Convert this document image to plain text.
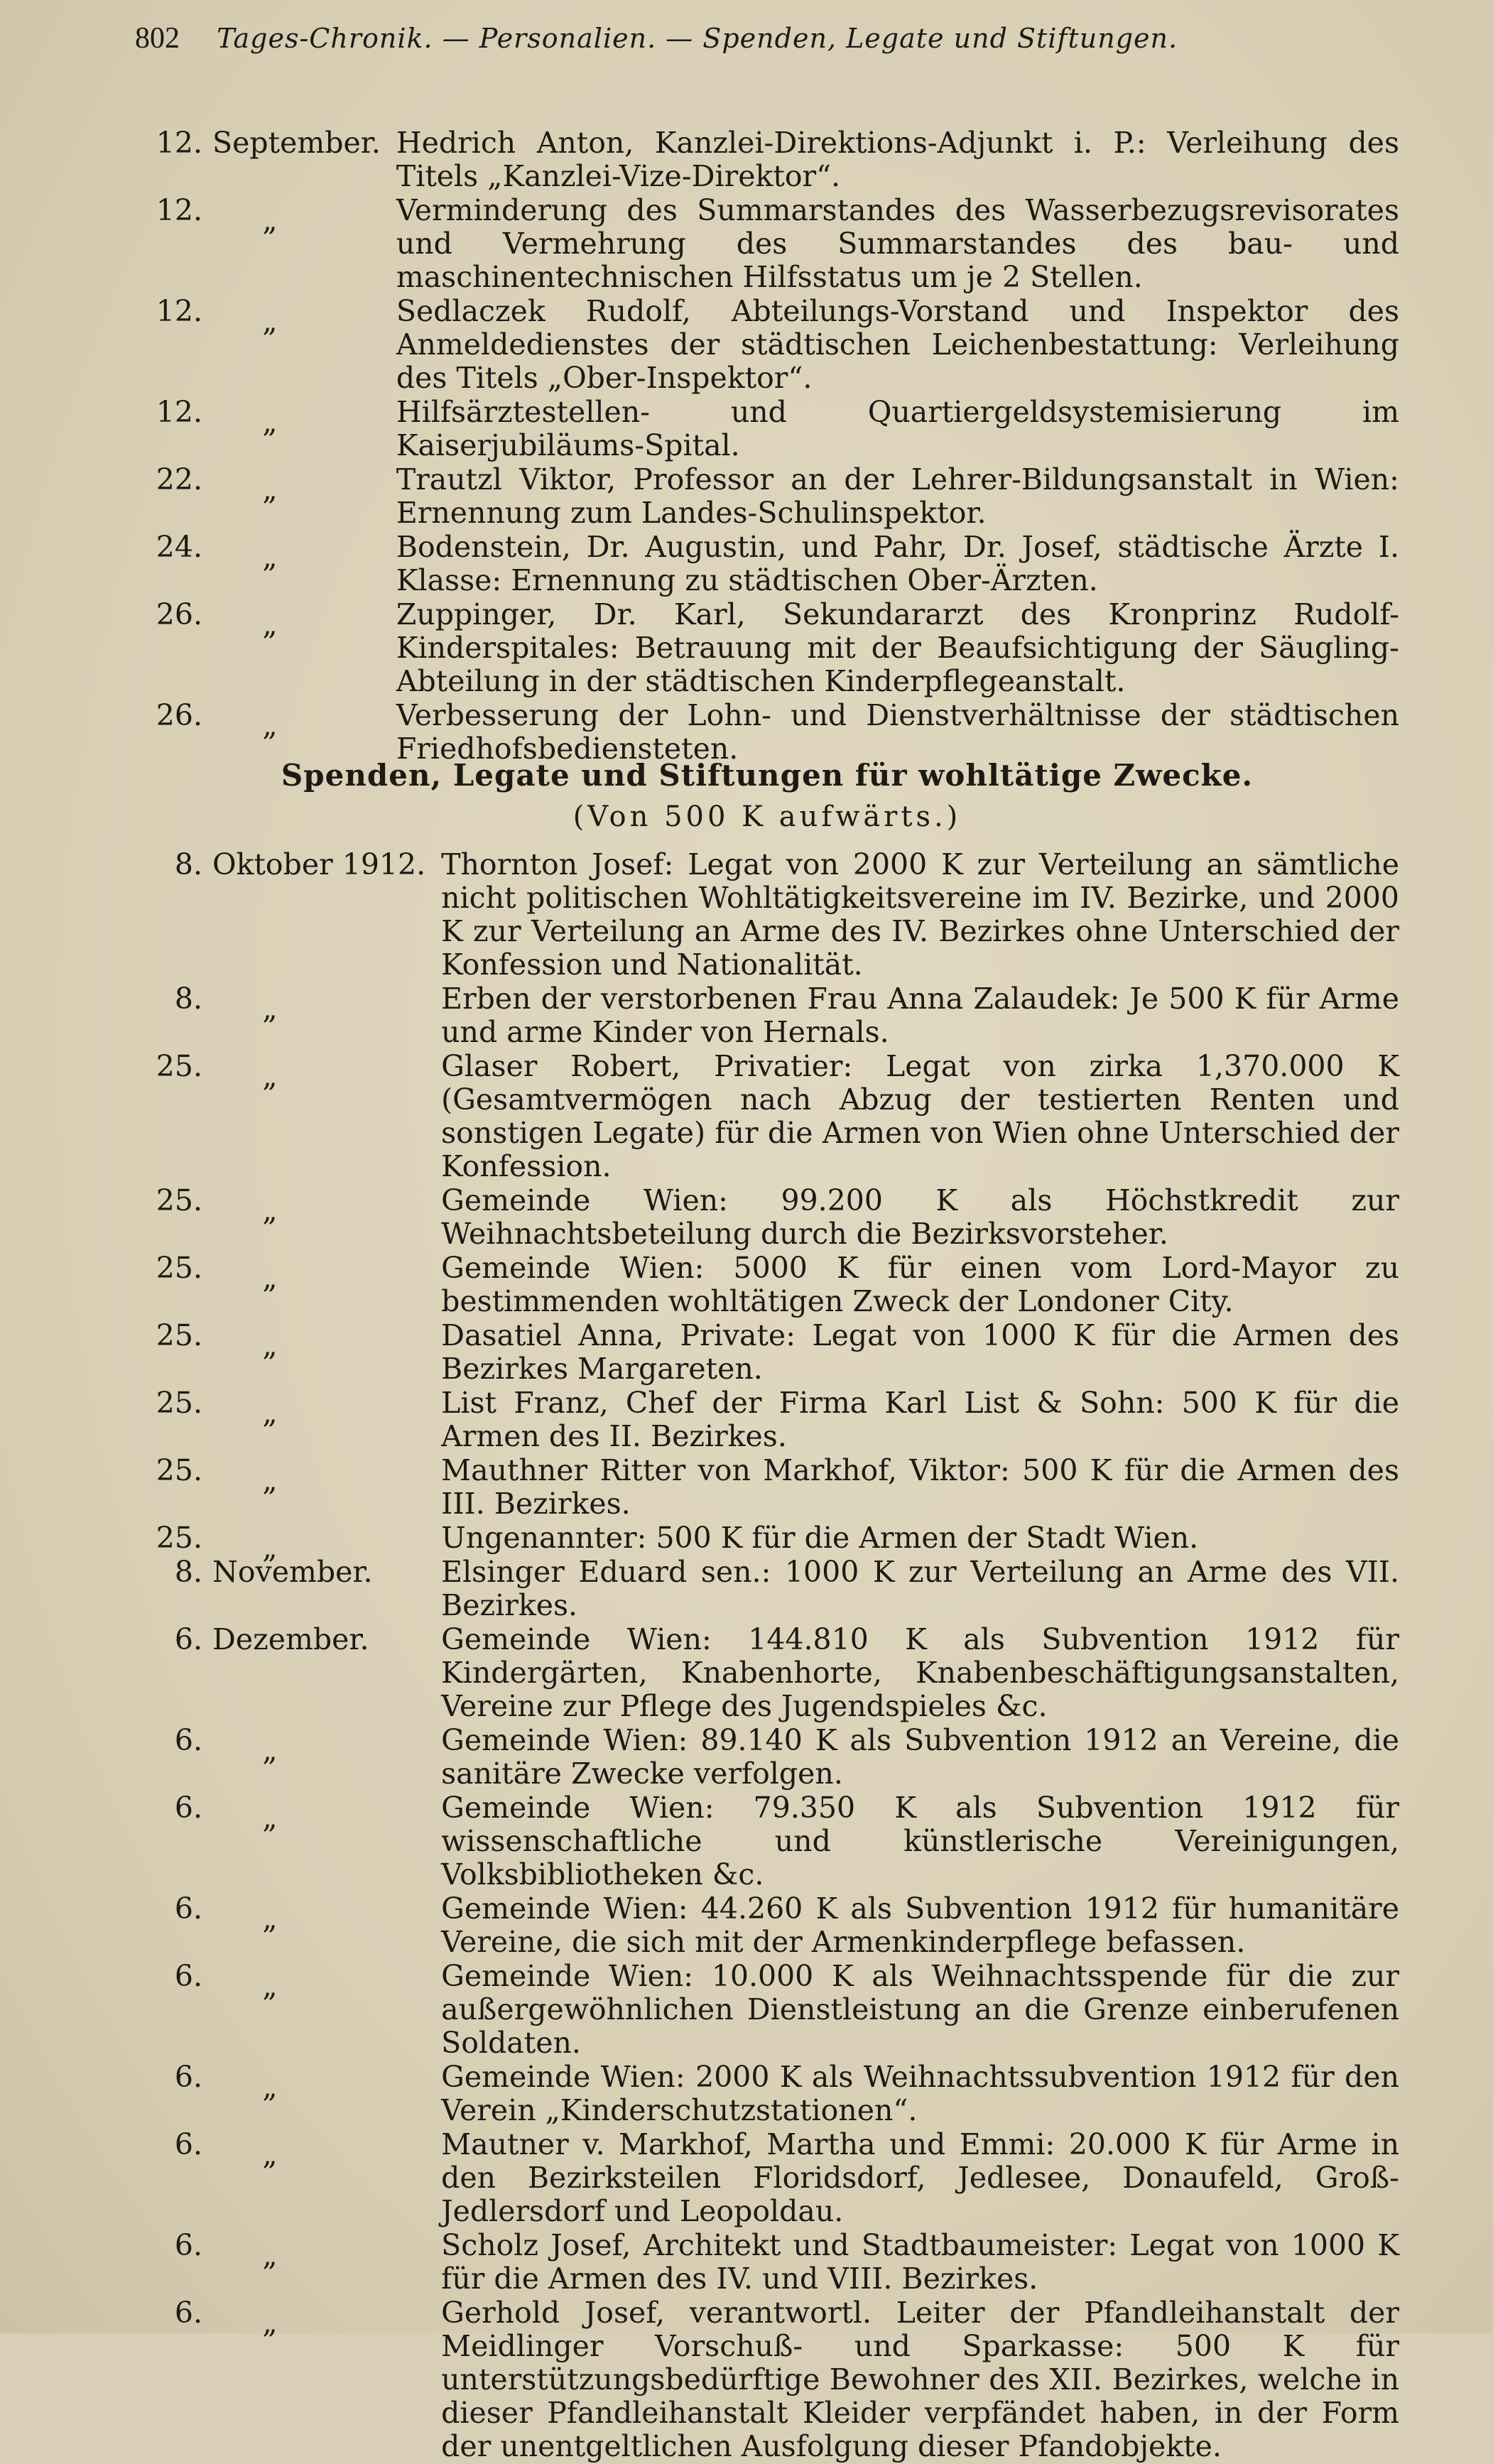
802 Tages-Chronik. — Personalien. — Spenden, Legate und Stiftungen.
12. September. Hedrich Anton, Kanzlei-Direktions-Adjunkt i. P.: Verleihung des Titels „Kanzlei-Vize-Direktor“.
12. „	Verminderung des Summarstandes des Wasserbezugsrevisorates und Vermehrung des Summarstandes des bau- und maschinentechnischen Hilfsstatus um je 2 Stellen.
12. „	Sedlaczek Rudolf, Abteilungs-Vorstand und Inspektor des Anmeldedienstes der städtischen Leichenbestattung: Verleihung des Titels „Ober-Inspektor“.
12. „	Hilfsärztestellen- und Quartiergeldsystemisierung im Kaiserjubiläums-Spital.
22. „	Trautzl Viktor, Professor an der Lehrer-Bildungsanstalt in Wien: Ernennung zum Landes-Schulinspektor.
24. „	Bodenstein, Dr. Augustin, und Pahr, Dr. Josef, städtische Ärzte I. Klasse: Ernennung zu städtischen Ober-Ärzten.
26. „	Zuppinger, Dr. Karl, Sekundararzt des Kronprinz Rudolf-Kinderspitales: Betrauung mit der Beaufsichtigung der Säugling-Abteilung in der städtischen Kinderpflegeanstalt.
26. „	Verbesserung der Lohn- und Dienstverhältnisse der städtischen Friedhofsbediensteten.
Spenden, Legate und Stiftungen für wohltätige Zwecke.
(Von 500 K aufwärts.)
8. Oktober 1912. Thornton Josef: Legat von 2000 K zur Verteilung an sämtliche nicht politischen Wohltätigkeitsvereine im IV. Bezirke, und 2000 K zur Verteilung an Arme des IV. Bezirkes ohne Unterschied der Konfession und Nationalität.
8. „	Erben der verstorbenen Frau Anna Zalaudek: Je 500 K für Arme und arme Kinder von Hernals.
25. „	Glaser Robert, Privatier: Legat von zirka 1,370.000 K (Gesamtvermögen nach Abzug der testierten Renten und sonstigen Legate) für die Armen von Wien ohne Unterschied der Konfession.
25. „	Gemeinde Wien: 99.200 K als Höchstkredit zur Weihnachtsbeteilung durch die Bezirksvorsteher.
25. „	Gemeinde Wien: 5000 K für einen vom Lord-Mayor zu bestimmenden wohltätigen Zweck der Londoner City.
25. „	Dasatiel Anna, Private: Legat von 1000 K für die Armen des Bezirkes Margareten.
25. „	List Franz, Chef der Firma Karl List & Sohn: 500 K für die Armen des II. Bezirkes.
25. „	Mauthner Ritter von Markhof, Viktor: 500 K für die Armen des III. Bezirkes.
25. „	Ungenannter: 500 K für die Armen der Stadt Wien.
8. November.	Elsinger Eduard sen.: 1000 K zur Verteilung an Arme des VII. Bezirkes.
6. Dezember.	Gemeinde Wien: 144.810 K als Subvention 1912 für Kindergärten, Knabenhorte, Knabenbeschäftigungsanstalten, Vereine zur Pflege des Jugendspieles &c.
6. „	Gemeinde Wien: 89.140 K als Subvention 1912 an Vereine, die sanitäre Zwecke verfolgen.
6. „	Gemeinde Wien: 79.350 K als Subvention 1912 für wissenschaftliche und künstlerische Vereinigungen, Volksbibliotheken &c.
6. „	Gemeinde Wien: 44.260 K als Subvention 1912 für humanitäre Vereine, die sich mit der Armenkinderpflege befassen.
6. „	Gemeinde Wien: 10.000 K als Weihnachtsspende für die zur außergewöhnlichen Dienstleistung an die Grenze einberufenen Soldaten.
6. „	Gemeinde Wien: 2000 K als Weihnachtssubvention 1912 für den Verein „Kinderschutzstationen“.
6. „	Mautner v. Markhof, Martha und Emmi: 20.000 K für Arme in den Bezirksteilen Floridsdorf, Jedlesee, Donaufeld, Groß-Jedlersdorf und Leopoldau.
6. „	Scholz Josef, Architekt und Stadtbaumeister: Legat von 1000 K für die Armen des IV. und VIII. Bezirkes.
6. „	Gerhold Josef, verantwortl. Leiter der Pfandleihanstalt der Meidlinger Vorschuß- und Sparkasse: 500 K für unterstützungsbedürftige Bewohner des XII. Bezirkes, welche in dieser Pfandleihanstalt Kleider verpfändet haben, in der Form der unentgeltlichen Ausfolgung dieser Pfandobjekte.
